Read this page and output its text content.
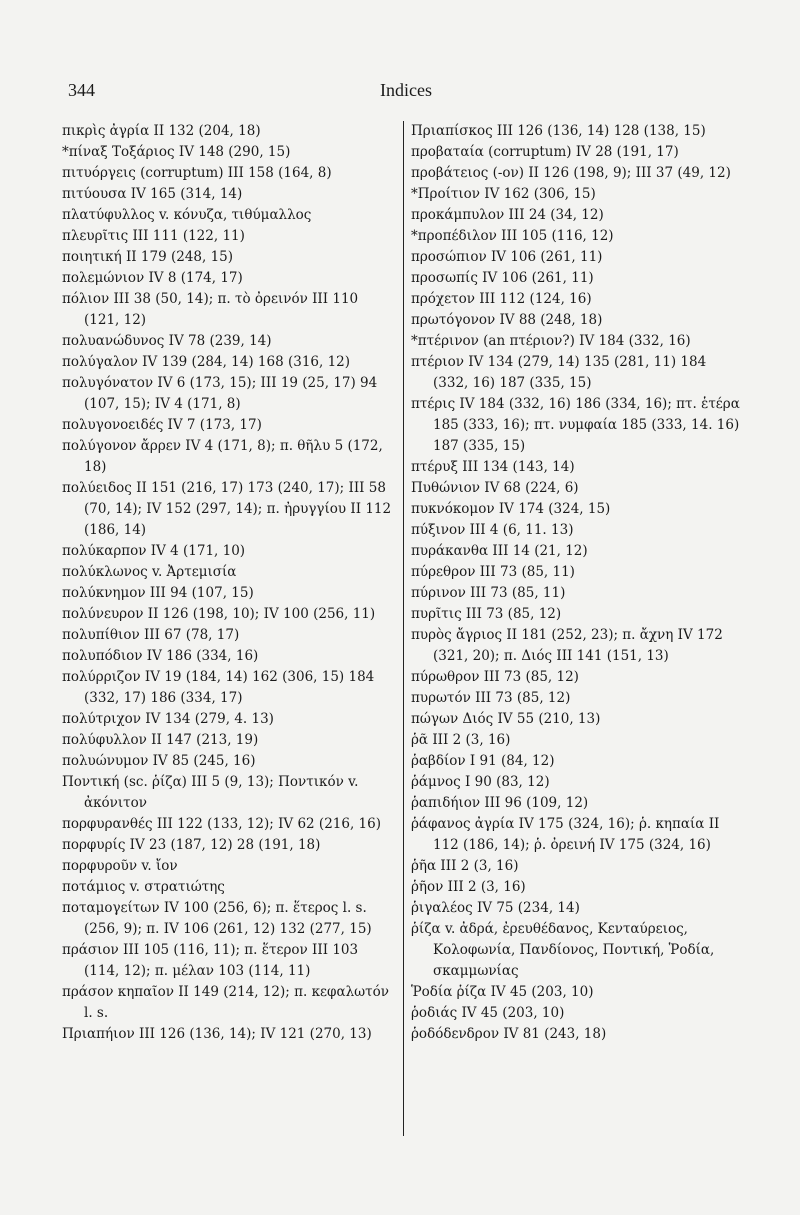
344	Indices

πικρὶς ἀγρία II 132 (204, 18)

*πίναξ Τοξάριος IV 148 (290, 15)

πιτυόργεις (corruptum) III 158 (164, 8)

πιτύουσα IV 165 (314, 14)

πλατύφυλλος v. κόνυζα, τιθύμαλλος

πλευρῖτις III 111 (122, 11)

ποιητική II 179 (248, 15)

πολεμώνιον IV 8 (174, 17)

πόλιον III 38 (50, 14); π. τὸ ὀρεινόν III 110 (121, 12)

πολυανώδυνος IV 78 (239, 14)

πολύγαλον IV 139 (284, 14) 168 (316, 12)

πολυγόνατον IV 6 (173, 15); III 19 (25, 17) 94 (107, 15); IV 4 (171, 8)

πολυγονοειδές IV 7 (173, 17)

πολύγονον ἄρρεν IV 4 (171, 8); π. θῆλυ 5 (172, 18)

πολύειδος II 151 (216, 17) 173 (240, 17); III 58 (70, 14); IV 152 (297, 14); π. ἠρυγγίου II 112 (186, 14)

πολύκαρπον IV 4 (171, 10)

πολύκλωνος v. Ἀρτεμισία

πολύκνημον III 94 (107, 15)

πολύνευρον II 126 (198, 10); IV 100 (256, 11)

πολυπίθιον III 67 (78, 17)

πολυπόδιον IV 186 (334, 16)

πολύρριζον IV 19 (184, 14) 162 (306, 15) 184 (332, 17) 186 (334, 17)

πολύτριχον IV 134 (279, 4. 13)

πολύφυλλον II 147 (213, 19)

πολυώνυμον IV 85 (245, 16)

Ποντική (sc. ῥίζα) III 5 (9, 13); Ποντικόν v. ἀκόνιτον

πορφυρανθές III 122 (133, 12); IV 62 (216, 16)

πορφυρίς IV 23 (187, 12) 28 (191, 18)

πορφυροῦν v. ἴον

ποτάμιος v. στρατιώτης

ποταμογείτων IV 100 (256, 6); π. ἕτερος l. s. (256, 9); π. IV 106 (261, 12) 132 (277, 15)

πράσιον III 105 (116, 11); π. ἕτερον III 103 (114, 12); π. μέλαν 103 (114, 11)

πράσον κηπαῖον II 149 (214, 12); π. κεφαλωτόν l. s.

Πριαπήιον III 126 (136, 14); IV 121 (270, 13)

Πριαπίσκος III 126 (136, 14) 128 (138, 15)

προβαταία (corruptum) IV 28 (191, 17)

προβάτειος (-ον) II 126 (198, 9); III 37 (49, 12)

*Προίτιον IV 162 (306, 15)

προκάμπυλον III 24 (34, 12)

*προπέδιλον III 105 (116, 12)

προσώπιον IV 106 (261, 11)

προσωπίς IV 106 (261, 11)

πρόχετον III 112 (124, 16)

πρωτόγονον IV 88 (248, 18)

*πτέρινον (an πτέριον?) IV 184 (332, 16)

πτέριον IV 134 (279, 14) 135 (281, 11) 184 (332, 16) 187 (335, 15)

πτέρις IV 184 (332, 16) 186 (334, 16); πτ. ἑτέρα 185 (333, 16); πτ. νυμφαία 185 (333, 14. 16) 187 (335, 15)

πτέρυξ III 134 (143, 14)

Πυθώνιον IV 68 (224, 6)

πυκνόκομον IV 174 (324, 15)

πύξινον III 4 (6, 11. 13)

πυράκανθα III 14 (21, 12)

πύρεθρον III 73 (85, 11)

πύρινον III 73 (85, 11)

πυρῖτις III 73 (85, 12)

πυρὸς ἄγριος II 181 (252, 23); π. ἄχνη IV 172 (321, 20); π. Διός III 141 (151, 13)

πύρωθρον III 73 (85, 12)

πυρωτόν III 73 (85, 12)

πώγων Διός IV 55 (210, 13)

ῥᾶ III 2 (3, 16)

ῥαβδίον I 91 (84, 12)

ῥάμνος I 90 (83, 12)

ῥαπιδήιον III 96 (109, 12)

ῥάφανος ἀγρία IV 175 (324, 16); ῥ. κηπαία II 112 (186, 14); ῥ. ὀρεινή IV 175 (324, 16)

ῥῆα III 2 (3, 16)

ῥῆον III 2 (3, 16)

ῥιγαλέος IV 75 (234, 14)

ῥίζα v. ἀδρά, ἐρευθέδανος, Κενταύρειος, Κολοφωνία, Πανδίονος, Ποντική, Ῥοδία, σκαμμωνίας

Ῥοδία ῥίζα IV 45 (203, 10)

ῥοδιάς IV 45 (203, 10)

ῥοδόδενδρον IV 81 (243, 18)
